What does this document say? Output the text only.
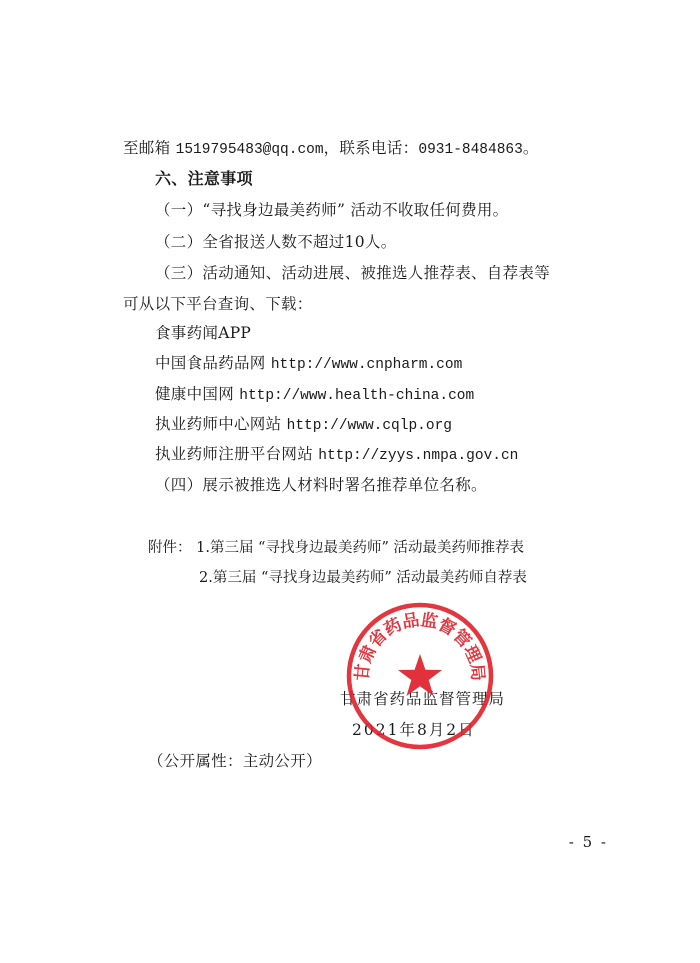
至邮箱 1519795483@qq.com，联系电话：0931-8484863。
六、注意事项
（一）“寻找身边最美药师” 活动不收取任何费用。
（二）全省报送人数不超过10人。
（三）活动通知、活动进展、被推选人推荐表、自荐表等
可从以下平台查询、下载：
食事药闻APP
中国食品药品网 http://www.cnpharm.com
健康中国网 http://www.health-china.com
执业药师中心网站 http://www.cqlp.org
执业药师注册平台网站 http://zyys.nmpa.gov.cn
（四）展示被推选人材料时署名推荐单位名称。
附件： 1.第三届 “寻找身边最美药师” 活动最美药师推荐表
2.第三届 “寻找身边最美药师” 活动最美药师自荐表
甘肃省药品监督管理局
2021年8月2日
（公开属性：主动公开）
甘肃省药品监督管理局
- 5 -
